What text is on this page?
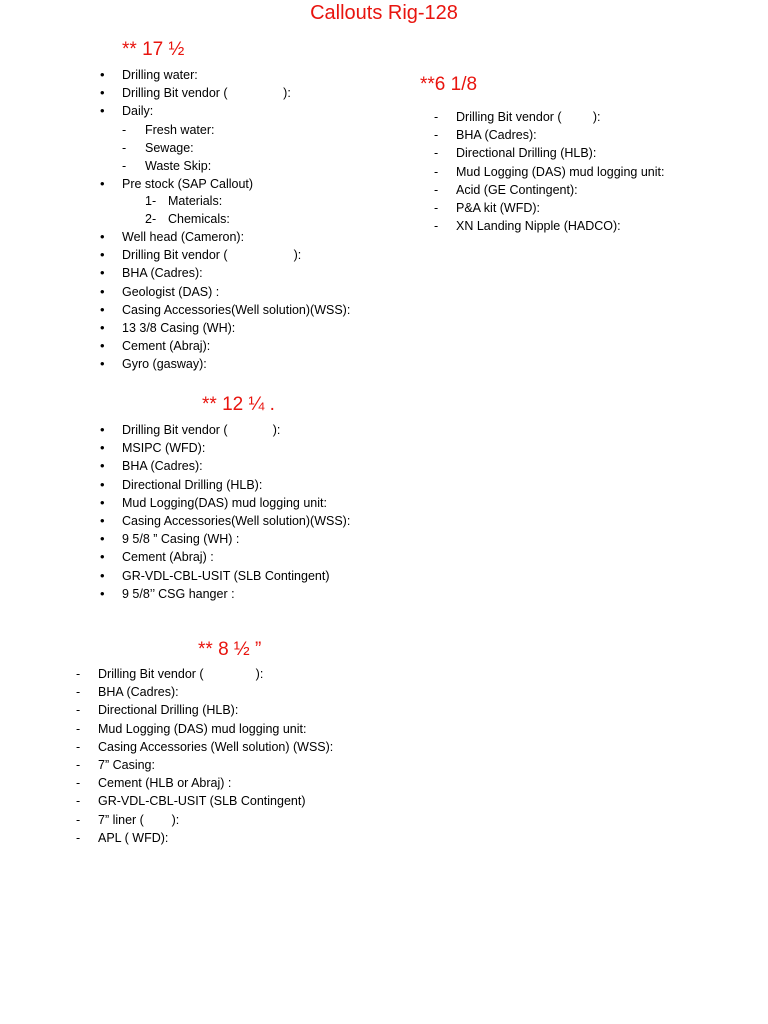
Callouts Rig-128
** 17 ½
• Drilling water:
• Drilling Bit vendor (                ):
• Daily:
- Fresh water:
- Sewage:
- Waste Skip:
• Pre stock (SAP Callout)
1- Materials:
2- Chemicals:
• Well head (Cameron):
• Drilling Bit vendor (                   ):
• BHA (Cadres):
• Geologist (DAS) :
• Casing Accessories(Well solution)(WSS):
• 13 3/8 Casing (WH):
• Cement (Abraj):
• Gyro (gasway):
** 12 ¼ .
• Drilling Bit vendor (             ):
• MSIPC (WFD):
• BHA (Cadres):
• Directional Drilling (HLB):
• Mud Logging(DAS) mud logging unit:
• Casing Accessories(Well solution)(WSS):
• 9 5/8 ” Casing (WH) :
• Cement (Abraj) :
• GR-VDL-CBL-USIT (SLB Contingent)
• 9 5/8’’ CSG hanger :
** 8 ½ ”
- Drilling Bit vendor (               ):
- BHA (Cadres):
- Directional Drilling (HLB):
- Mud Logging (DAS) mud logging unit:
- Casing Accessories (Well solution) (WSS):
- 7” Casing:
- Cement (HLB or Abraj) :
- GR-VDL-CBL-USIT (SLB Contingent)
- 7” liner (        ):
- APL ( WFD):
**6 1/8
- Drilling Bit vendor (         ):
- BHA (Cadres):
- Directional Drilling (HLB):
- Mud Logging (DAS) mud logging unit:
- Acid (GE Contingent):
- P&A kit (WFD):
- XN Landing Nipple (HADCO):
